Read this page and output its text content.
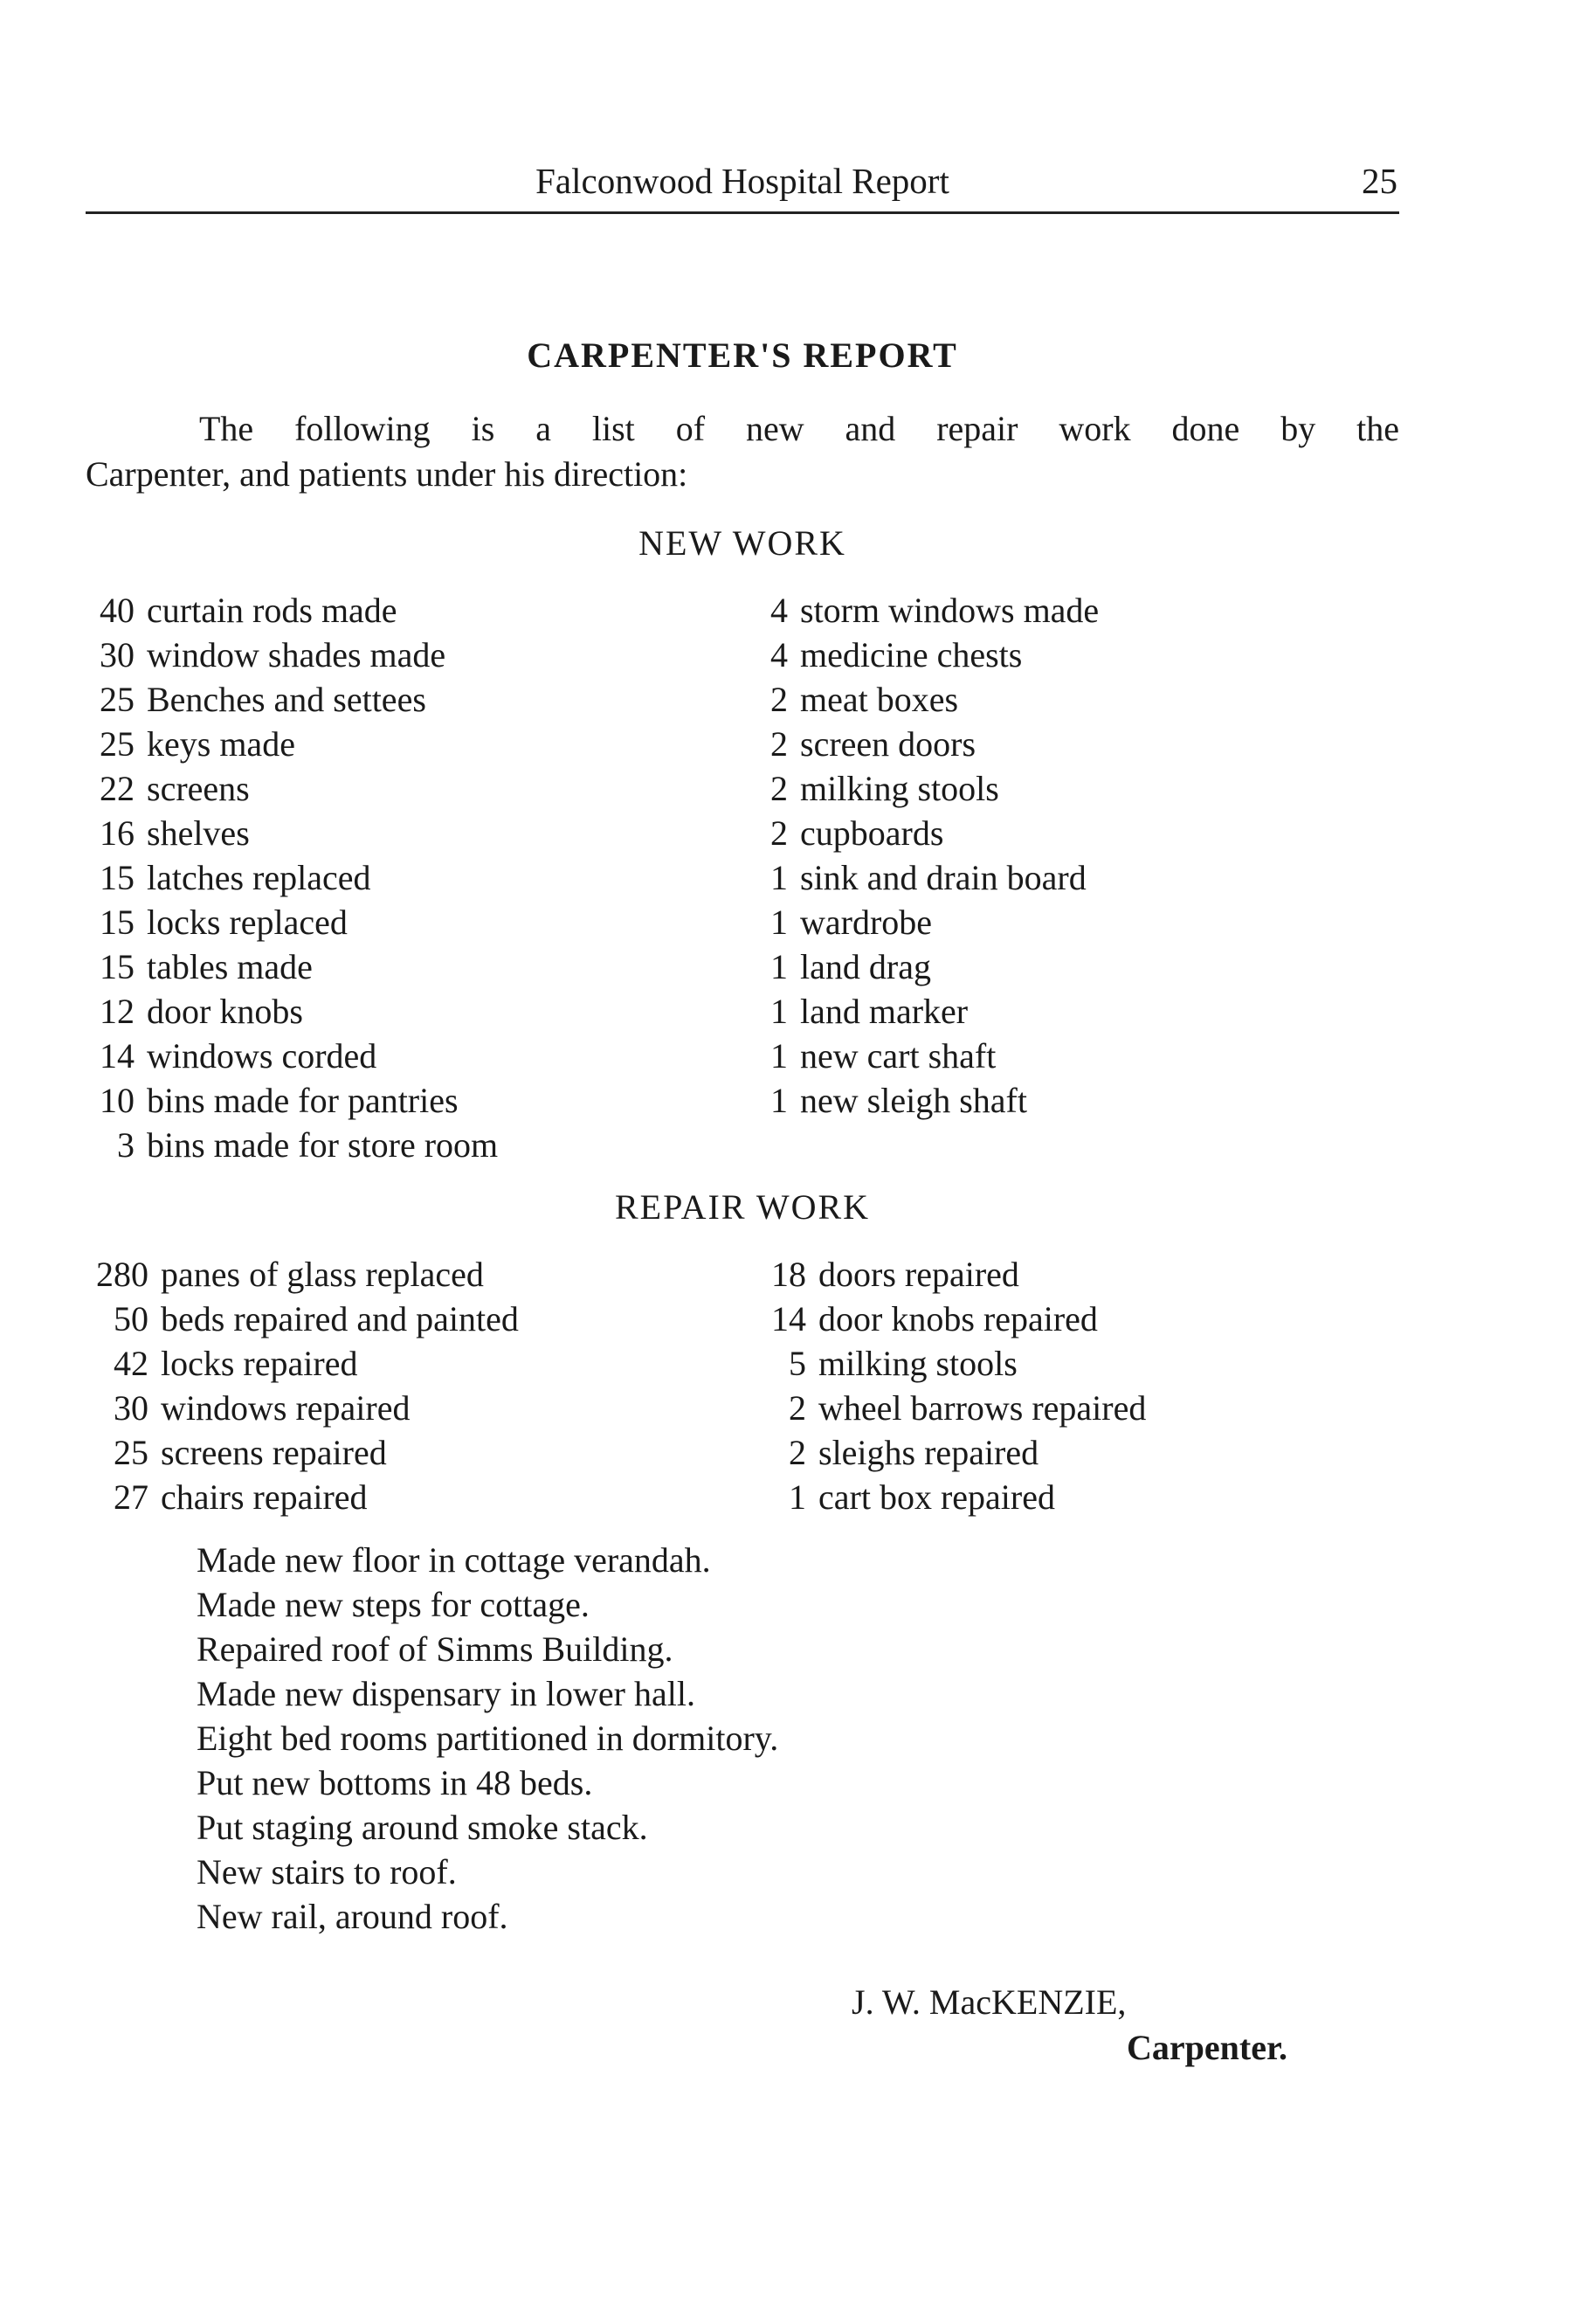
Falconwood Hospital Report	25
CARPENTER'S REPORT
The following is a list of new and repair work done by the
Carpenter, and patients under his direction:
NEW WORK
40 curtain rods made
30 window shades made
25 Benches and settees
25 keys made
22 screens
16 shelves
15 latches replaced
15 locks replaced
15 tables made
12 door knobs
14 windows corded
10 bins made for pantries
3 bins made for store room
4 storm windows made
4 medicine chests
2 meat boxes
2 screen doors
2 milking stools
2 cupboards
1 sink and drain board
1 wardrobe
1 land drag
1 land marker
1 new cart shaft
1 new sleigh shaft
REPAIR WORK
280 panes of glass replaced
50 beds repaired and painted
42 locks repaired
30 windows repaired
25 screens repaired
27 chairs repaired
18 doors repaired
14 door knobs repaired
5 milking stools
2 wheel barrows repaired
2 sleighs repaired
1 cart box repaired
Made new floor in cottage verandah.
Made new steps for cottage.
Repaired roof of Simms Building.
Made new dispensary in lower hall.
Eight bed rooms partitioned in dormitory.
Put new bottoms in 48 beds.
Put staging around smoke stack.
New stairs to roof.
New rail, around roof.
J. W. MacKENZIE,
Carpenter.
